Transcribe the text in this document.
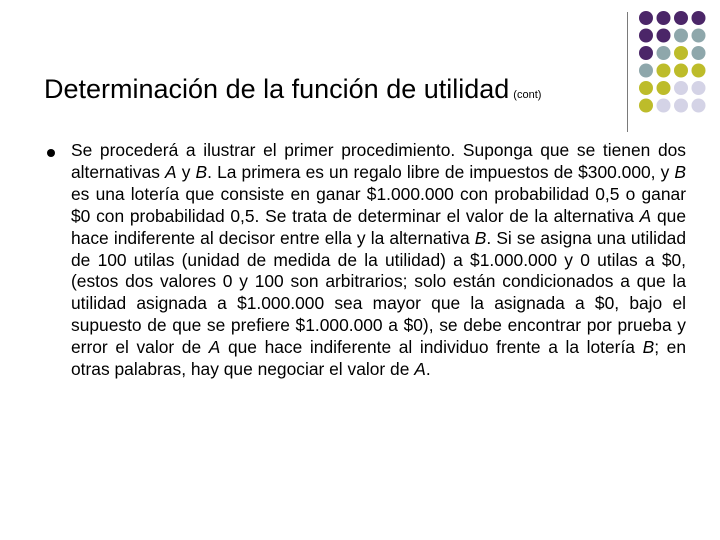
Determinación de la función de utilidad (cont)
Se procederá a ilustrar el primer procedimiento. Suponga que se tienen dos alternativas A y B. La primera es un regalo libre de impuestos de $300.000, y B es una lotería que consiste en ganar $1.000.000 con probabilidad 0,5 o ganar $0 con probabilidad 0,5. Se trata de determinar el valor de la alternativa A que hace indiferente al decisor entre ella y la alternativa B. Si se asigna una utilidad de 100 utilas (unidad de medida de la utilidad) a $1.000.000 y 0 utilas a $0, (estos dos valores 0 y 100 son arbitrarios; solo están condicionados a que la utilidad asignada a $1.000.000 sea mayor que la asignada a $0, bajo el supuesto de que se prefiere $1.000.000 a $0), se debe encontrar por prueba y error el valor de A que hace indiferente al individuo frente a la lotería B; en otras palabras, hay que negociar el valor de A.
